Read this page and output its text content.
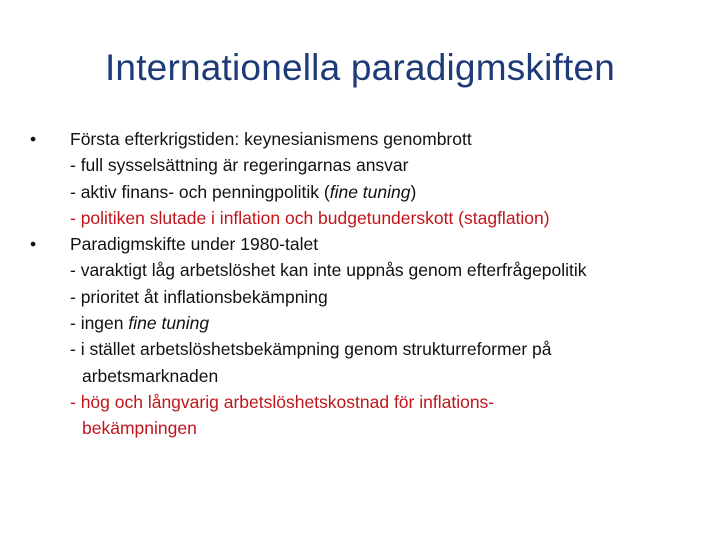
Internationella paradigmskiften
•	Första efterkrigstiden: keynesianismens genombrott
- full sysselsättning är regeringarnas ansvar
- aktiv finans- och penningpolitik (fine tuning)
- politiken slutade i inflation och budgetunderskott (stagflation)
•	Paradigmskifte under 1980-talet
- varaktigt låg arbetslöshet kan inte uppnås genom efterfrågepolitik
- prioritet åt inflationsbekämpning
- ingen fine tuning
- i stället arbetslöshetsbekämpning genom strukturreformer på
arbetsmarknaden
- hög och långvarig arbetslöshetskostnad för inflations-
bekämpningen
